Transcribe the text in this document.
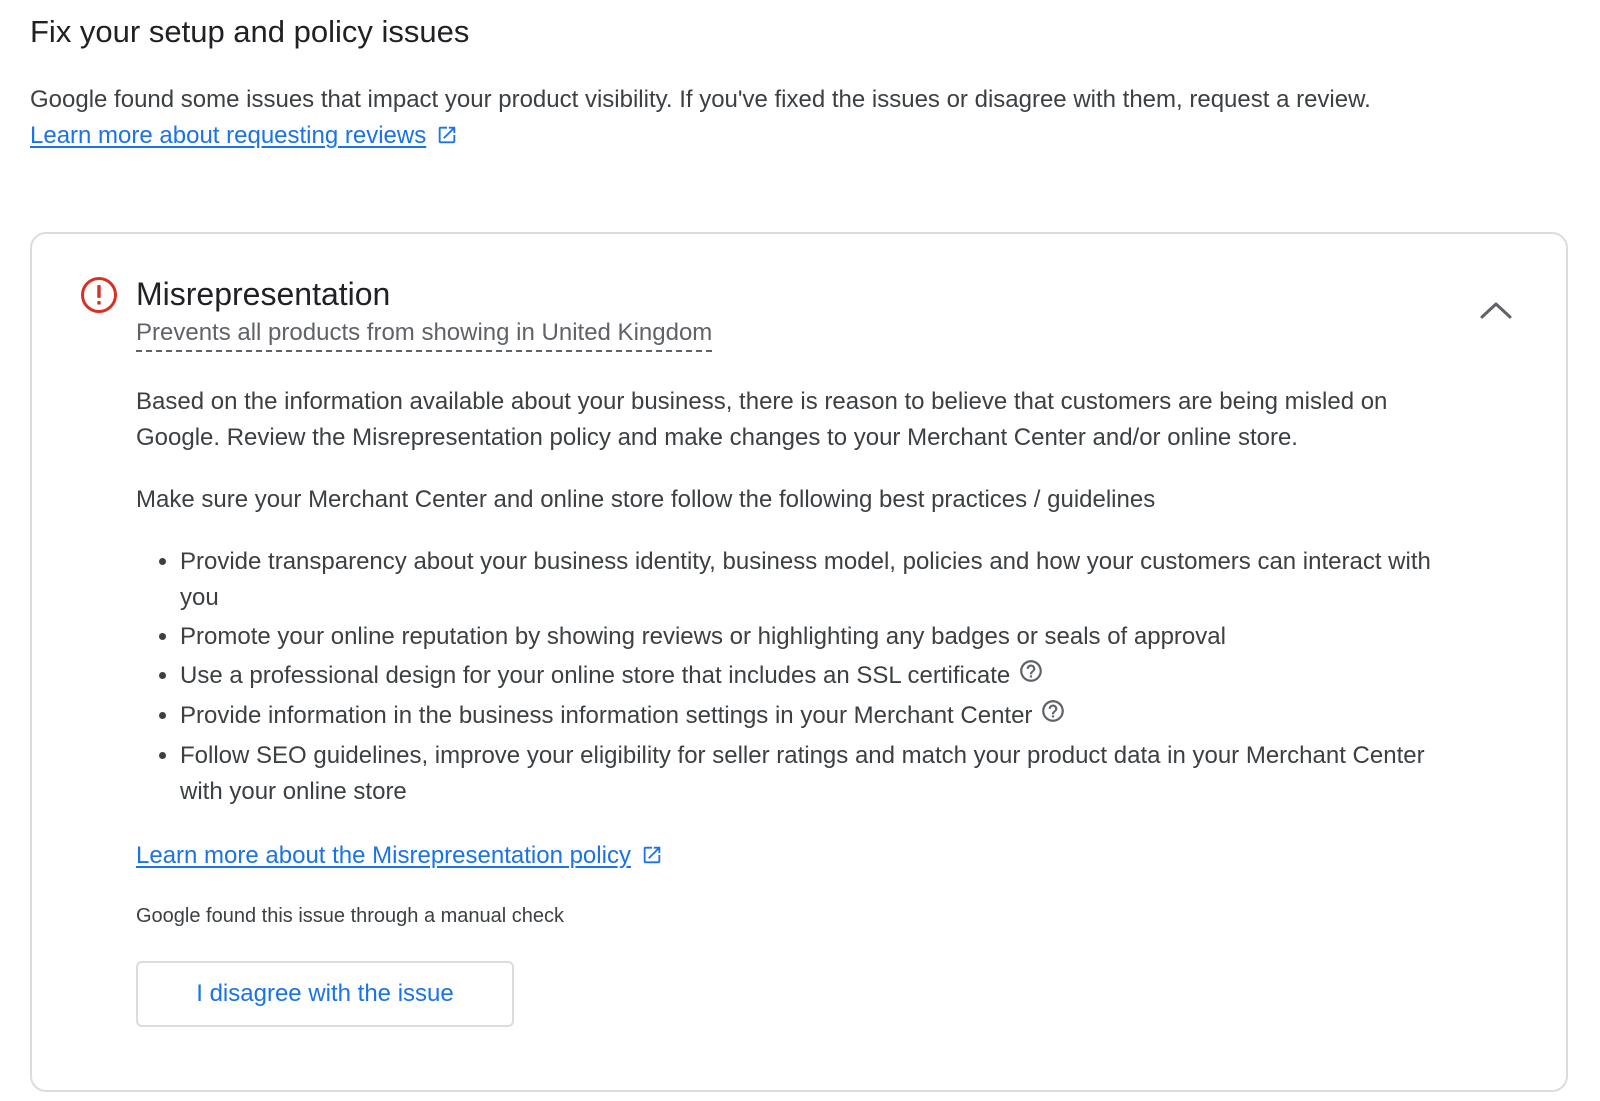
Fix your setup and policy issues

Google found some issues that impact your product visibility. If you've fixed the issues or disagree with them, request a review.

Learn more about requesting reviews
Misrepresentation
Prevents all products from showing in United Kingdom

Based on the information available about your business, there is reason to believe that customers are being misled on Google. Review the Misrepresentation policy and make changes to your Merchant Center and/or online store.

Make sure your Merchant Center and online store follow the following best practices / guidelines

• Provide transparency about your business identity, business model, policies and how your customers can interact with you
• Promote your online reputation by showing reviews or highlighting any badges or seals of approval
• Use a professional design for your online store that includes an SSL certificate
• Provide information in the business information settings in your Merchant Center
• Follow SEO guidelines, improve your eligibility for seller ratings and match your product data in your Merchant Center with your online store
Learn more about the Misrepresentation policy
Google found this issue through a manual check
I disagree with the issue
